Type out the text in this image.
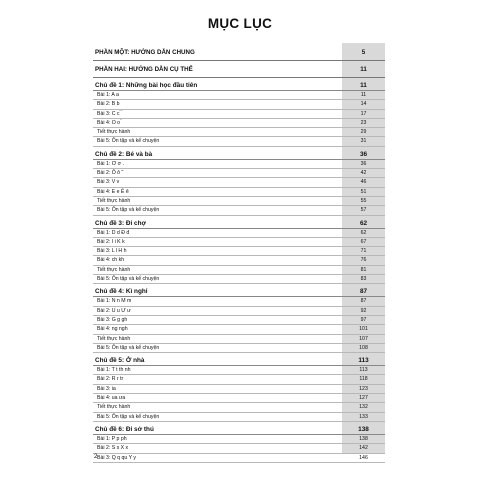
MỤC LỤC
PHẦN MỘT: HƯỚNG DẪN CHUNG	5
PHẦN HAI: HƯỚNG DẪN CỤ THỂ	11
Chủ đề 1: Những bài học đầu tiên	11
Bài 1: A a	11
Bài 2: B b	14
Bài 3: C c ̀ ́	17
Bài 4: O o ̉	23
Tiết thực hành	29
Bài 5: Ôn tập và kể chuyện	31
Chủ đề 2: Bé và bà	36
Bài 1: Ơ ơ .	36
Bài 2: Ô ô ̃	42
Bài 3: V v	46
Bài 4: E e Ê ê	51
Tiết thực hành	55
Bài 5: Ôn tập và kể chuyện	57
Chủ đề 3: Đi chợ	62
Bài 1: D d Đ đ	62
Bài 2: I i K k	67
Bài 3: L l H h	71
Bài 4: ch kh	76
Tiết thực hành	81
Bài 5: Ôn tập và kể chuyện	83
Chủ đề 4: Kì nghỉ	87
Bài 1: N n M m	87
Bài 2: U u Ư ư	92
Bài 3: G g gh	97
Bài 4: ng ngh	101
Tiết thực hành	107
Bài 5: Ôn tập và kể chuyện	108
Chủ đề 5: Ở nhà	113
Bài 1: T t th nh	113
Bài 2: R r tr	118
Bài 3: ia	123
Bài 4: ua ưa	127
Tiết thực hành	132
Bài 5: Ôn tập và kể chuyện	133
Chủ đề 6: Đi sở thú	138
Bài 1: P p ph	138
Bài 2: S s X x	142
Bài 3: Q q qu Y y	146
2
